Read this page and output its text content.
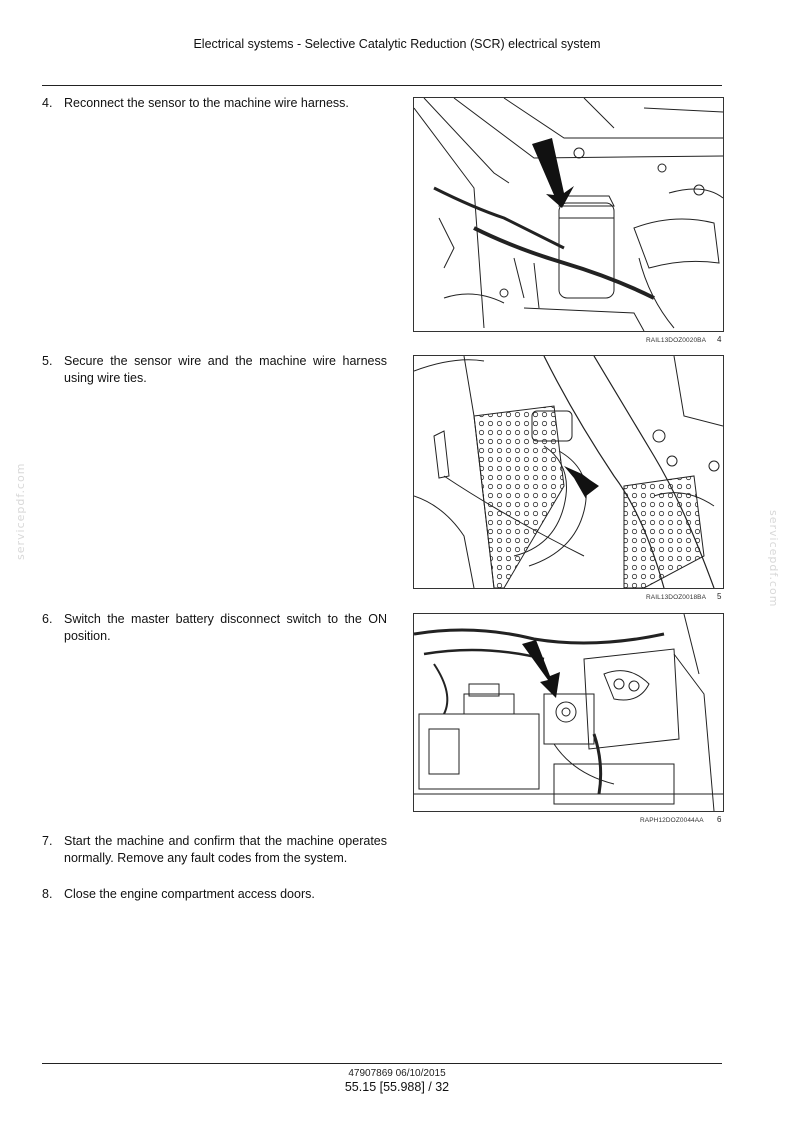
Electrical systems - Selective Catalytic Reduction (SCR) electrical system
4. Reconnect the sensor to the machine wire harness.
RAIL13DOZ0020BA 4
5. Secure the sensor wire and the machine wire harness using wire ties.
RAIL13DOZ0018BA 5
6. Switch the master battery disconnect switch to the ON position.
RAPH12DOZ0044AA 6
7. Start the machine and confirm that the machine operates normally. Remove any fault codes from the system.
8. Close the engine compartment access doors.
47907869 06/10/2015
55.15 [55.988] / 32
servicepdf.com	servicepdf.com
